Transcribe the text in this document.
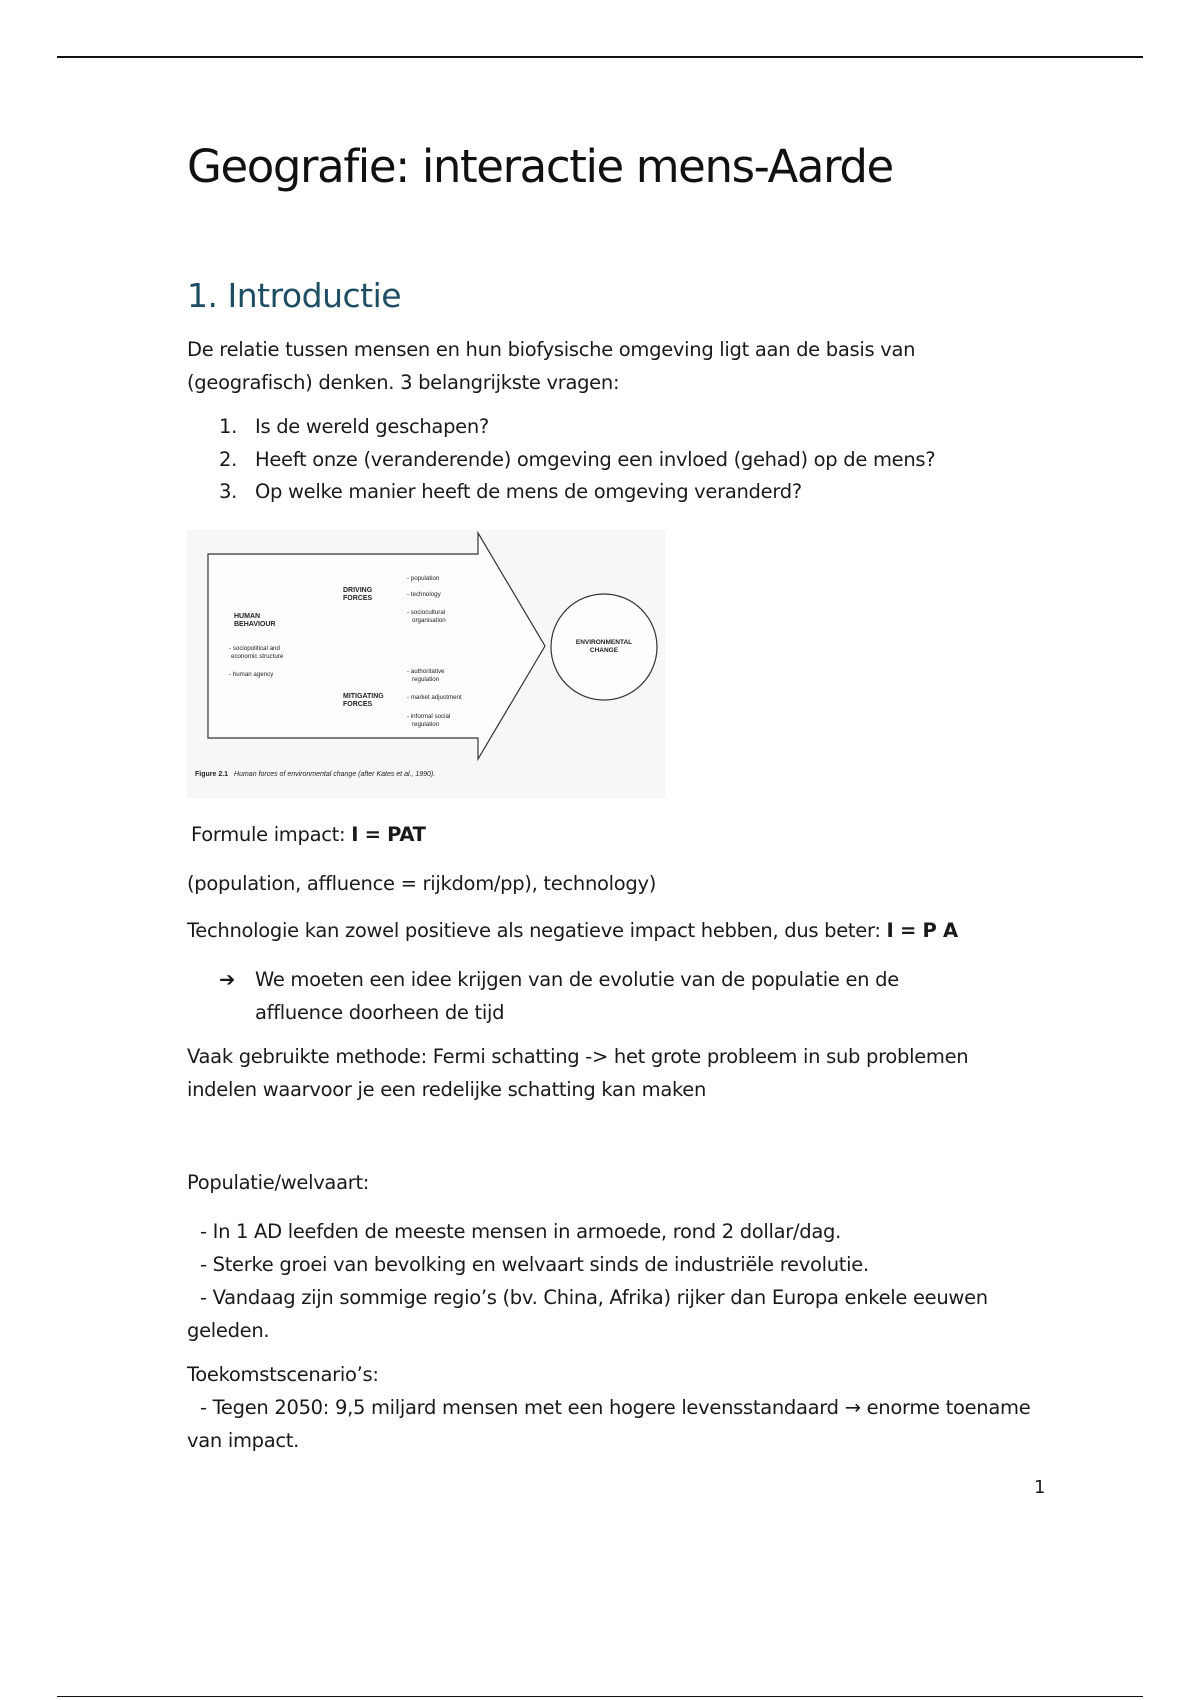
Geografie: interactie mens-Aarde
1. Introductie

De relatie tussen mensen en hun biofysische omgeving ligt aan de basis van (geografisch) denken. 3 belangrijkste vragen:

1. Is de wereld geschapen?
2. Heeft onze (veranderende) omgeving een invloed (gehad) op de mens?
3. Op welke manier heeft de mens de omgeving veranderd?
HUMAN
BEHAVIOUR
DRIVING
FORCES
MITIGATING
FORCES
ENVIRONMENTAL
CHANGE
- sociopolitical and
economic structure
- human agency
- population
- technology
- sociocultural
organisation
- authoritative
regulation
- market adjustment
- informal social
regulation
Figure 2.1 Human forces of environmental change (after Kates et al., 1990).

Formule impact: I = PAT

(population, affluence = rijkdom/pp), technology)

Technologie kan zowel positieve als negatieve impact hebben, dus beter: I = P A

➔	We moeten een idee krijgen van de evolutie van de populatie en de affluence doorheen de tijd

Vaak gebruikte methode: Fermi schatting -> het grote probleem in sub problemen indelen waarvoor je een redelijke schatting kan maken

Populatie/welvaart:

- In 1 AD leefden de meeste mensen in armoede, rond 2 dollar/dag.
- Sterke groei van bevolking en welvaart sinds de industriële revolutie.
- Vandaag zijn sommige regio’s (bv. China, Afrika) rijker dan Europa enkele eeuwen
geleden.

Toekomstscenario’s:

- Tegen 2050: 9,5 miljard mensen met een hogere levensstandaard → enorme toename
van impact.
1
